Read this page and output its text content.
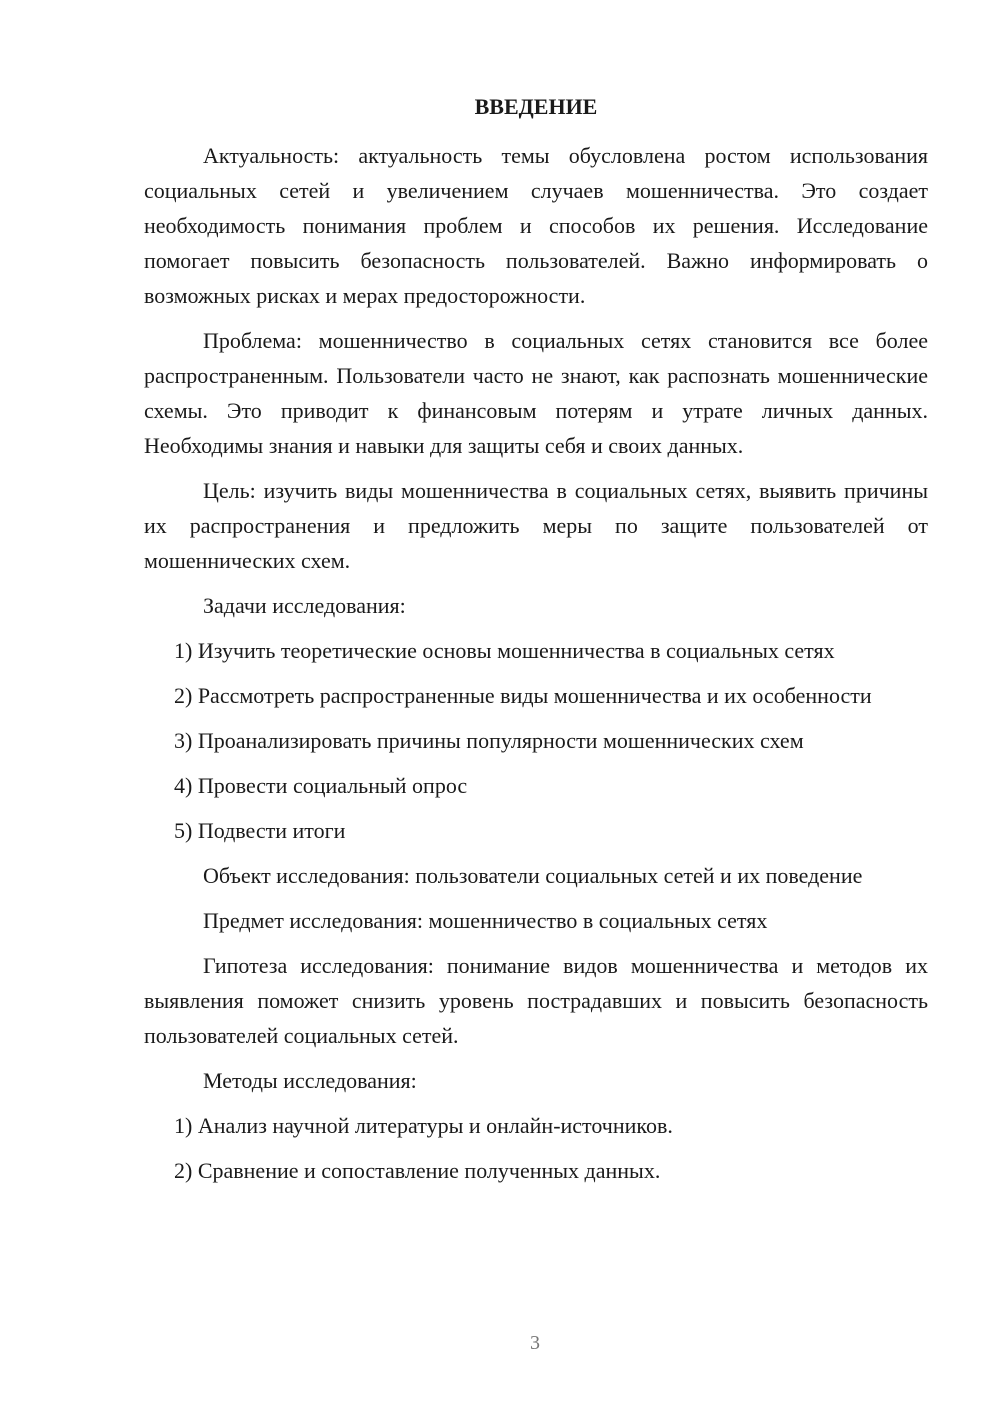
ВВЕДЕНИЕ

Актуальность: актуальность темы обусловлена ростом использования социальных сетей и увеличением случаев мошенничества. Это создает необходимость понимания проблем и способов их решения. Исследование помогает повысить безопасность пользователей. Важно информировать о возможных рисках и мерах предосторожности.

Проблема: мошенничество в социальных сетях становится все более распространенным. Пользователи часто не знают, как распознать мошеннические схемы. Это приводит к финансовым потерям и утрате личных данных. Необходимы знания и навыки для защиты себя и своих данных.

Цель: изучить виды мошенничества в социальных сетях, выявить причины их распространения и предложить меры по защите пользователей от мошеннических схем.

Задачи исследования:

1) Изучить теоретические основы мошенничества в социальных сетях

2) Рассмотреть распространенные виды мошенничества и их особенности

3) Проанализировать причины популярности мошеннических схем

4) Провести социальный опрос

5) Подвести итоги

Объект исследования: пользователи социальных сетей и их поведение

Предмет исследования: мошенничество в социальных сетях

Гипотеза исследования: понимание видов мошенничества и методов их выявления поможет снизить уровень пострадавших и повысить безопасность пользователей социальных сетей.

Методы исследования:

1) Анализ научной литературы и онлайн-источников.

2) Сравнение и сопоставление полученных данных.

3
